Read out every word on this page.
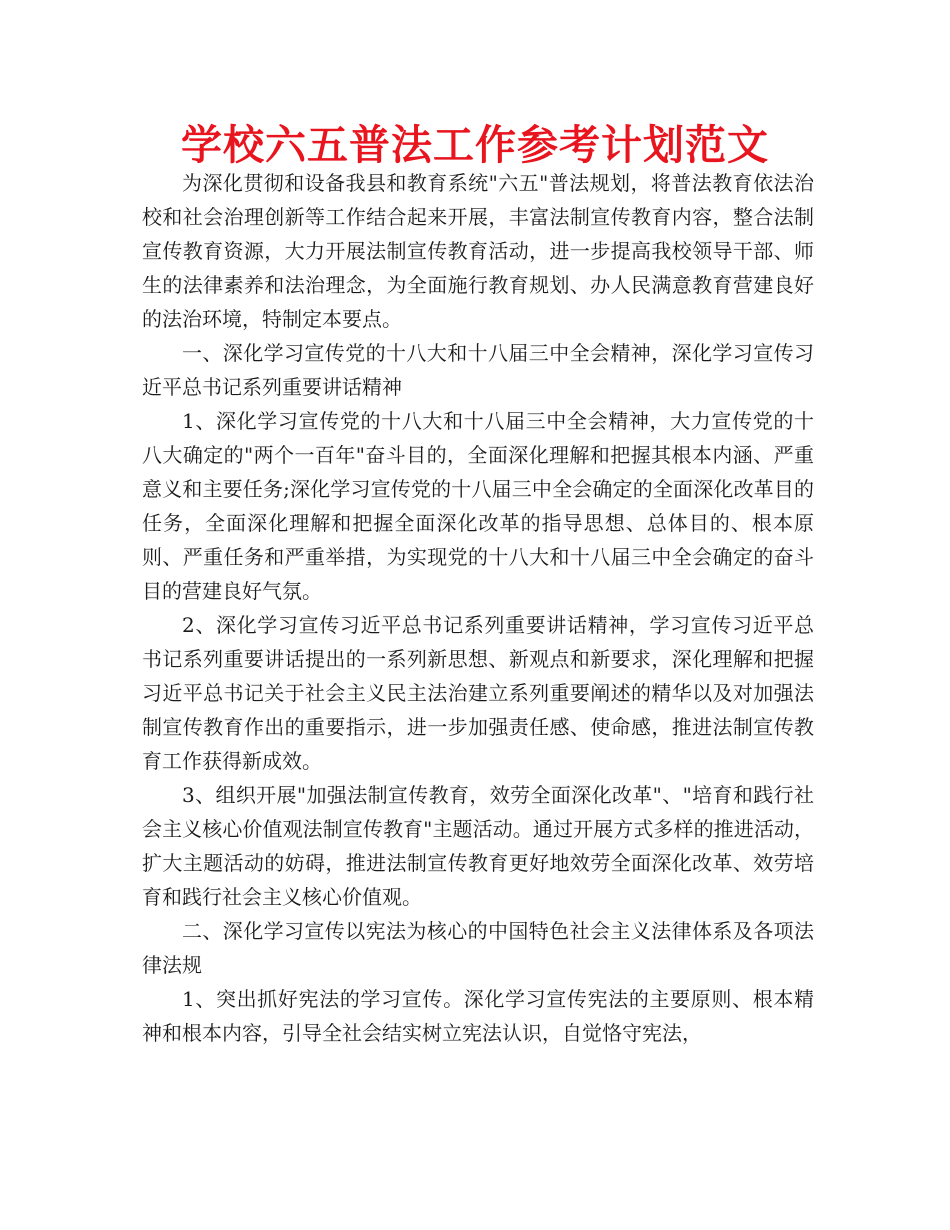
学校六五普法工作参考计划范文

为深化贯彻和设备我县和教育系统"六五"普法规划，将普法教育依法治校和社会治理创新等工作结合起来开展，丰富法制宣传教育内容，整合法制宣传教育资源，大力开展法制宣传教育活动，进一步提高我校领导干部、师生的法律素养和法治理念，为全面施行教育规划、办人民满意教育营建良好的法治环境，特制定本要点。

一、深化学习宣传党的十八大和十八届三中全会精神，深化学习宣传习近平总书记系列重要讲话精神

1、深化学习宣传党的十八大和十八届三中全会精神，大力宣传党的十八大确定的"两个一百年"奋斗目的，全面深化理解和把握其根本内涵、严重意义和主要任务;深化学习宣传党的十八届三中全会确定的全面深化改革目的任务，全面深化理解和把握全面深化改革的指导思想、总体目的、根本原则、严重任务和严重举措，为实现党的十八大和十八届三中全会确定的奋斗目的营建良好气氛。

2、深化学习宣传习近平总书记系列重要讲话精神，学习宣传习近平总书记系列重要讲话提出的一系列新思想、新观点和新要求，深化理解和把握习近平总书记关于社会主义民主法治建立系列重要阐述的精华以及对加强法制宣传教育作出的重要指示，进一步加强责任感、使命感，推进法制宣传教育工作获得新成效。

3、组织开展"加强法制宣传教育，效劳全面深化改革"、"培育和践行社会主义核心价值观法制宣传教育"主题活动。通过开展方式多样的推进活动，扩大主题活动的妨碍，推进法制宣传教育更好地效劳全面深化改革、效劳培育和践行社会主义核心价值观。

二、深化学习宣传以宪法为核心的中国特色社会主义法律体系及各项法律法规

1、突出抓好宪法的学习宣传。深化学习宣传宪法的主要原则、根本精神和根本内容，引导全社会结实树立宪法认识，自觉恪守宪法，
